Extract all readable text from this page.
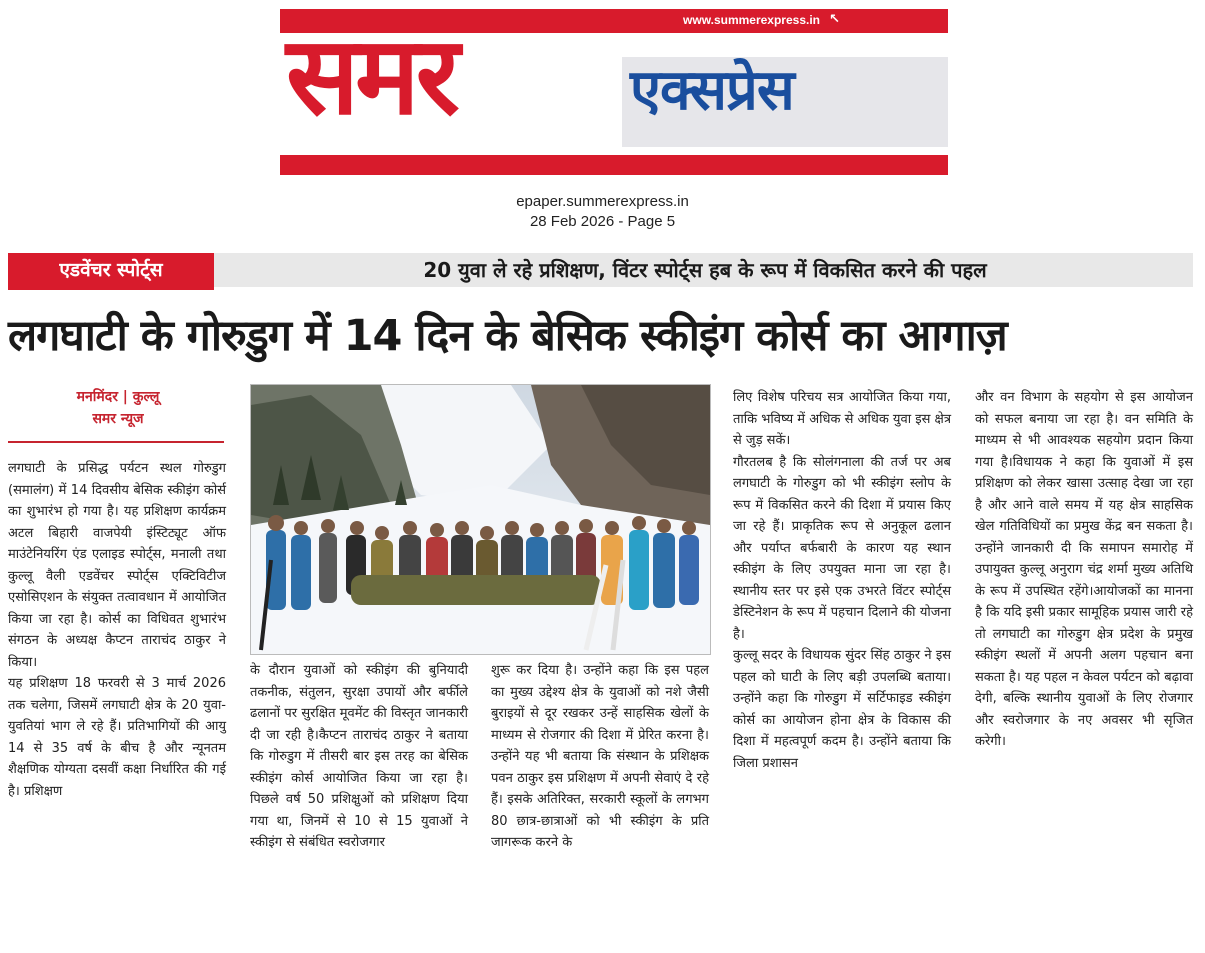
www.summerexpress.in ↖
समर	एक्सप्रेस
epaper.summerexpress.in
28 Feb 2026 - Page 5
एडवेंचर स्पोर्ट्स	20 युवा ले रहे प्रशिक्षण, विंटर स्पोर्ट्स हब के रूप में विकसित करने की पहल
लगघाटी के गोरुडुग में 14 दिन के बेसिक स्कीइंग कोर्स का आगाज़
मनमिंदर | कुल्लू
समर न्यूज

लगघाटी के प्रसिद्ध पर्यटन स्थल गोरुडुग (समालंग) में 14 दिवसीय बेसिक स्कीइंग कोर्स का शुभारंभ हो गया है। यह प्रशिक्षण कार्यक्रम अटल बिहारी वाजपेयी इंस्टिट्यूट ऑफ माउंटेनियरिंग एंड एलाइड स्पोर्ट्स, मनाली तथा कुल्लू वैली एडवेंचर स्पोर्ट्स एक्टिविटीज एसोसिएशन के संयुक्त तत्वावधान में आयोजित किया जा रहा है। कोर्स का विधिवत शुभारंभ संगठन के अध्यक्ष कैप्टन ताराचंद ठाकुर ने किया।

यह प्रशिक्षण 18 फरवरी से 3 मार्च 2026 तक चलेगा, जिसमें लगघाटी क्षेत्र के 20 युवा-युवतियां भाग ले रहे हैं। प्रतिभागियों की आयु 14 से 35 वर्ष के बीच है और न्यूनतम शैक्षणिक योग्यता दसवीं कक्षा निर्धारित की गई है। प्रशिक्षण

के दौरान युवाओं को स्कीइंग की बुनियादी तकनीक, संतुलन, सुरक्षा उपायों और बर्फीले ढलानों पर सुरक्षित मूवमेंट की विस्तृत जानकारी दी जा रही है।कैप्टन ताराचंद ठाकुर ने बताया कि गोरुडुग में तीसरी बार इस तरह का बेसिक स्कीइंग कोर्स आयोजित किया जा रहा है। पिछले वर्ष 50 प्रशिक्षुओं को प्रशिक्षण दिया गया था, जिनमें से 10 से 15 युवाओं ने स्कीइंग से संबंधित स्वरोजगार

शुरू कर दिया है। उन्होंने कहा कि इस पहल का मुख्य उद्देश्य क्षेत्र के युवाओं को नशे जैसी बुराइयों से दूर रखकर उन्हें साहसिक खेलों के माध्यम से रोजगार की दिशा में प्रेरित करना है।उन्होंने यह भी बताया कि संस्थान के प्रशिक्षक पवन ठाकुर इस प्रशिक्षण में अपनी सेवाएं दे रहे हैं। इसके अतिरिक्त, सरकारी स्कूलों के लगभग 80 छात्र-छात्राओं को भी स्कीइंग के प्रति जागरूक करने के

लिए विशेष परिचय सत्र आयोजित किया गया, ताकि भविष्य में अधिक से अधिक युवा इस क्षेत्र से जुड़ सकें।

गौरतलब है कि सोलंगनाला की तर्ज पर अब लगघाटी के गोरुडुग को भी स्कीइंग स्लोप के रूप में विकसित करने की दिशा में प्रयास किए जा रहे हैं। प्राकृतिक रूप से अनुकूल ढलान और पर्याप्त बर्फबारी के कारण यह स्थान स्कीइंग के लिए उपयुक्त माना जा रहा है। स्थानीय स्तर पर इसे एक उभरते विंटर स्पोर्ट्स डेस्टिनेशन के रूप में पहचान दिलाने की योजना है।

कुल्लू सदर के विधायक सुंदर सिंह ठाकुर ने इस पहल को घाटी के लिए बड़ी उपलब्धि बताया। उन्होंने कहा कि गोरुडुग में सर्टिफाइड स्कीइंग कोर्स का आयोजन होना क्षेत्र के विकास की दिशा में महत्वपूर्ण कदम है। उन्होंने बताया कि जिला प्रशासन

और वन विभाग के सहयोग से इस आयोजन को सफल बनाया जा रहा है। वन समिति के माध्यम से भी आवश्यक सहयोग प्रदान किया गया है।विधायक ने कहा कि युवाओं में इस प्रशिक्षण को लेकर खासा उत्साह देखा जा रहा है और आने वाले समय में यह क्षेत्र साहसिक खेल गतिविधियों का प्रमुख केंद्र बन सकता है। उन्होंने जानकारी दी कि समापन समारोह में उपायुक्त कुल्लू अनुराग चंद्र शर्मा मुख्य अतिथि के रूप में उपस्थित रहेंगे।आयोजकों का मानना है कि यदि इसी प्रकार सामूहिक प्रयास जारी रहे तो लगघाटी का गोरुडुग क्षेत्र प्रदेश के प्रमुख स्कीइंग स्थलों में अपनी अलग पहचान बना सकता है। यह पहल न केवल पर्यटन को बढ़ावा देगी, बल्कि स्थानीय युवाओं के लिए रोजगार और स्वरोजगार के नए अवसर भी सृजित करेगी।
